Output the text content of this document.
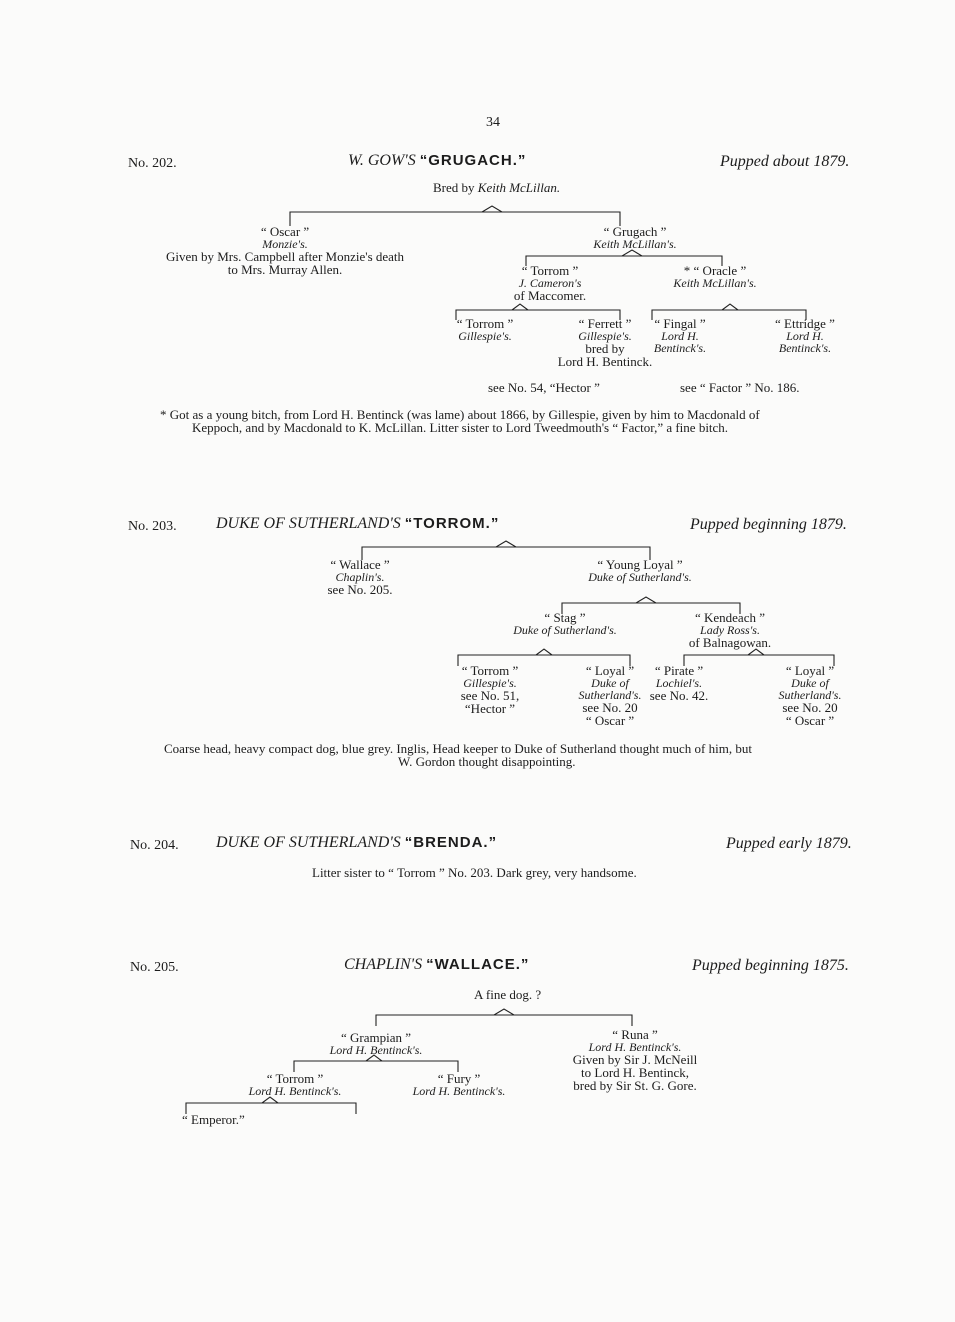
34
No. 202.	W. GOW'S “GRUGACH.”	Pupped about 1879.
Bred by Keith McLillan.
“ Oscar ”
Monzie's.
Given by Mrs. Campbell after Monzie's death
to Mrs. Murray Allen.
“ Grugach ”
Keith McLillan's.
“ Torrom ”
J. Cameron's
of Maccomer.
* “ Oracle ”
Keith McLillan's.
“ Torrom ”
Gillespie's.
“ Ferrett ”
Gillespie's.
bred by
Lord H. Bentinck.
“ Fingal ”
Lord H.
Bentinck's.
“ Ettridge ”
Lord H.
Bentinck's.
see No. 54, “Hector ”	see “ Factor ” No. 186.
* Got as a young bitch, from Lord H. Bentinck (was lame) about 1866, by Gillespie, given by him to Macdonald of
Keppoch, and by Macdonald to K. McLillan. Litter sister to Lord Tweedmouth's “ Factor,” a fine bitch.
No. 203. DUKE OF SUTHERLAND'S “TORROM.”	Pupped beginning 1879.
“ Wallace ”
Chaplin's.
see No. 205.
“ Young Loyal ”
Duke of Sutherland's.
“ Stag ”
Duke of Sutherland's.
“ Kendeach ”
Lady Ross's.
of Balnagowan.
“ Torrom ”
Gillespie's.
see No. 51,
“Hector ”
“ Loyal ”
Duke of
Sutherland's.
see No. 20
“ Oscar ”
“ Pirate ”
Lochiel's.
see No. 42.
“ Loyal ”
Duke of
Sutherland's.
see No. 20
“ Oscar ”
Coarse head, heavy compact dog, blue grey. Inglis, Head keeper to Duke of Sutherland thought much of him, but
W. Gordon thought disappointing.
No. 204. DUKE OF SUTHERLAND'S “BRENDA.”	Pupped early 1879.
Litter sister to “ Torrom ” No. 203. Dark grey, very handsome.
No. 205.	CHAPLIN'S “WALLACE.”	Pupped beginning 1875.
A fine dog. ?
“ Grampian ”
Lord H. Bentinck's.
“ Runa ”
Lord H. Bentinck's.
Given by Sir J. McNeill
to Lord H. Bentinck,
bred by Sir St. G. Gore.
“ Torrom ”
Lord H. Bentinck's.
“ Fury ”
Lord H. Bentinck's.
“ Emperor.”
